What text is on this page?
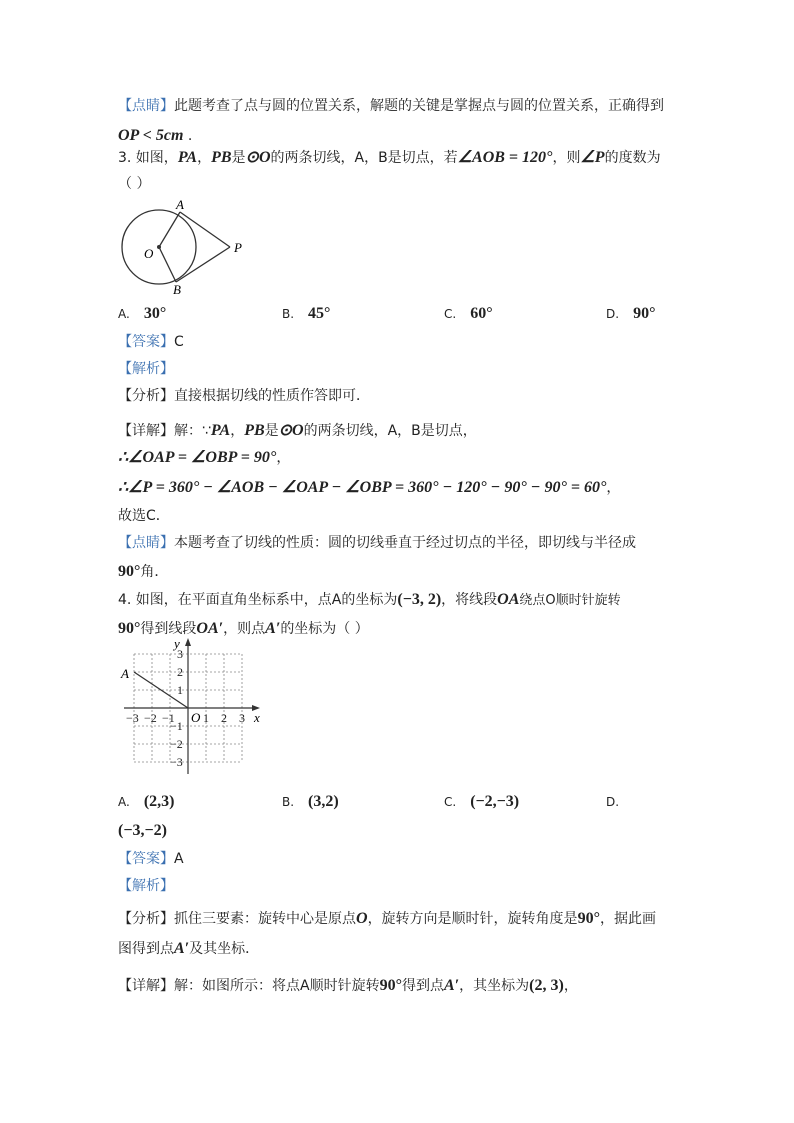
【点睛】此题考查了点与圆的位置关系，解题的关键是掌握点与圆的位置关系，正确得到
OP < 5cm .
3. 如图，PA，PB是⊙O的两条切线，A，B是切点，若∠AOB = 120°，则∠P的度数为
（ ）
A
O	P
B
A. 30°	B. 45°	C. 60°	D. 90°
【答案】C
【解析】
【分析】直接根据切线的性质作答即可．
【详解】解：∵PA，PB是⊙O的两条切线，A，B是切点，
∴∠OAP = ∠OBP = 90°，
∴∠P = 360° − ∠AOB − ∠OAP − ∠OBP = 360° − 120° − 90° − 90° = 60°，
故选C．
【点睛】本题考查了切线的性质：圆的切线垂直于经过切点的半径，即切线与半径成
90°角．
4. 如图，在平面直角坐标系中，点A的坐标为(−3, 2)，将线段OA绕点O顺时针旋转
90°得到线段OA′，则点A′的坐标为（ ）
y
x
A
O
−3 −2 −1 1 2 3
3
2
1
−1
−2
−3
A. (2,3)	B. (3,2)	C. (−2,−3)	D.
(−3,−2)
【答案】A
【解析】
【分析】抓住三要素：旋转中心是原点O，旋转方向是顺时针，旋转角度是90°，据此画
图得到点A′及其坐标．
【详解】解：如图所示：将点A顺时针旋转90°得到点A′，其坐标为(2, 3)，
